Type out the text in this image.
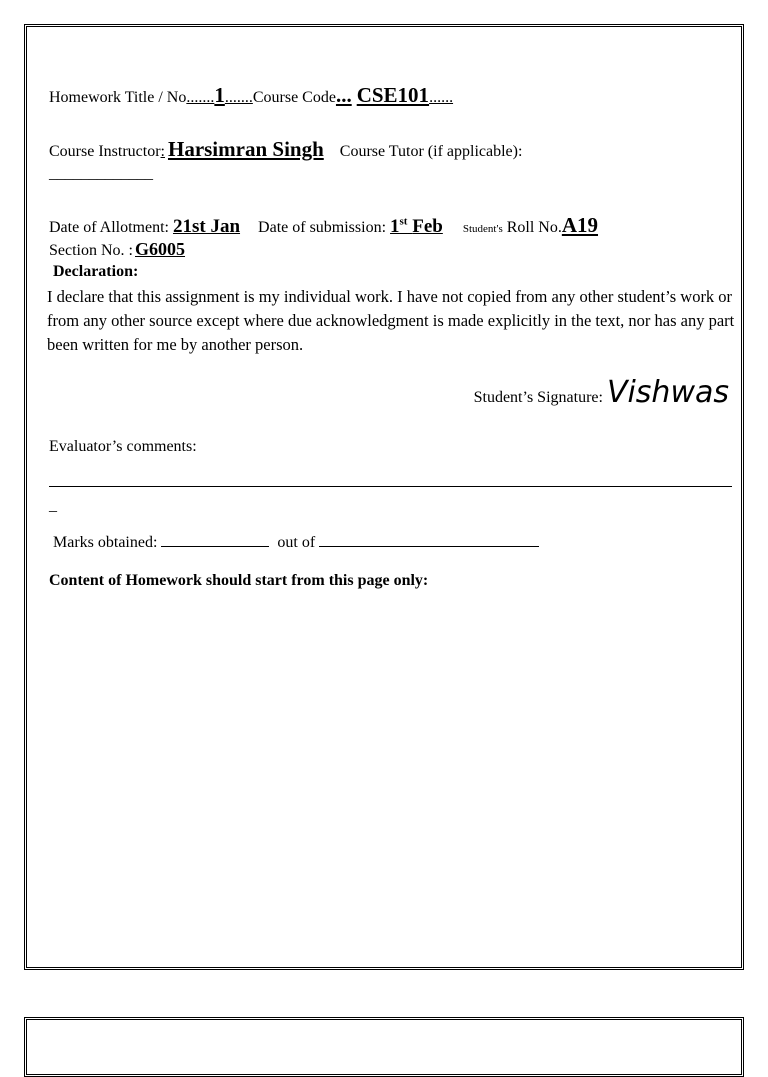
Homework Title / No.......1.......Course Code... CSE101......
Course Instructor: Harsimran Singh Course Tutor (if applicable):
_____________
Date of Allotment: 21st Jan Date of submission: 1st Feb Student's Roll No.A19
Section No. : G6005
Declaration:
I declare that this assignment is my individual work. I have not copied from any other student’s work or from any other source except where due acknowledgment is made explicitly in the text, nor has any part been written for me by another person.
Student’s Signature: Vishwas
Evaluator’s comments:
_
Marks obtained:	out of
Content of Homework should start from this page only:
